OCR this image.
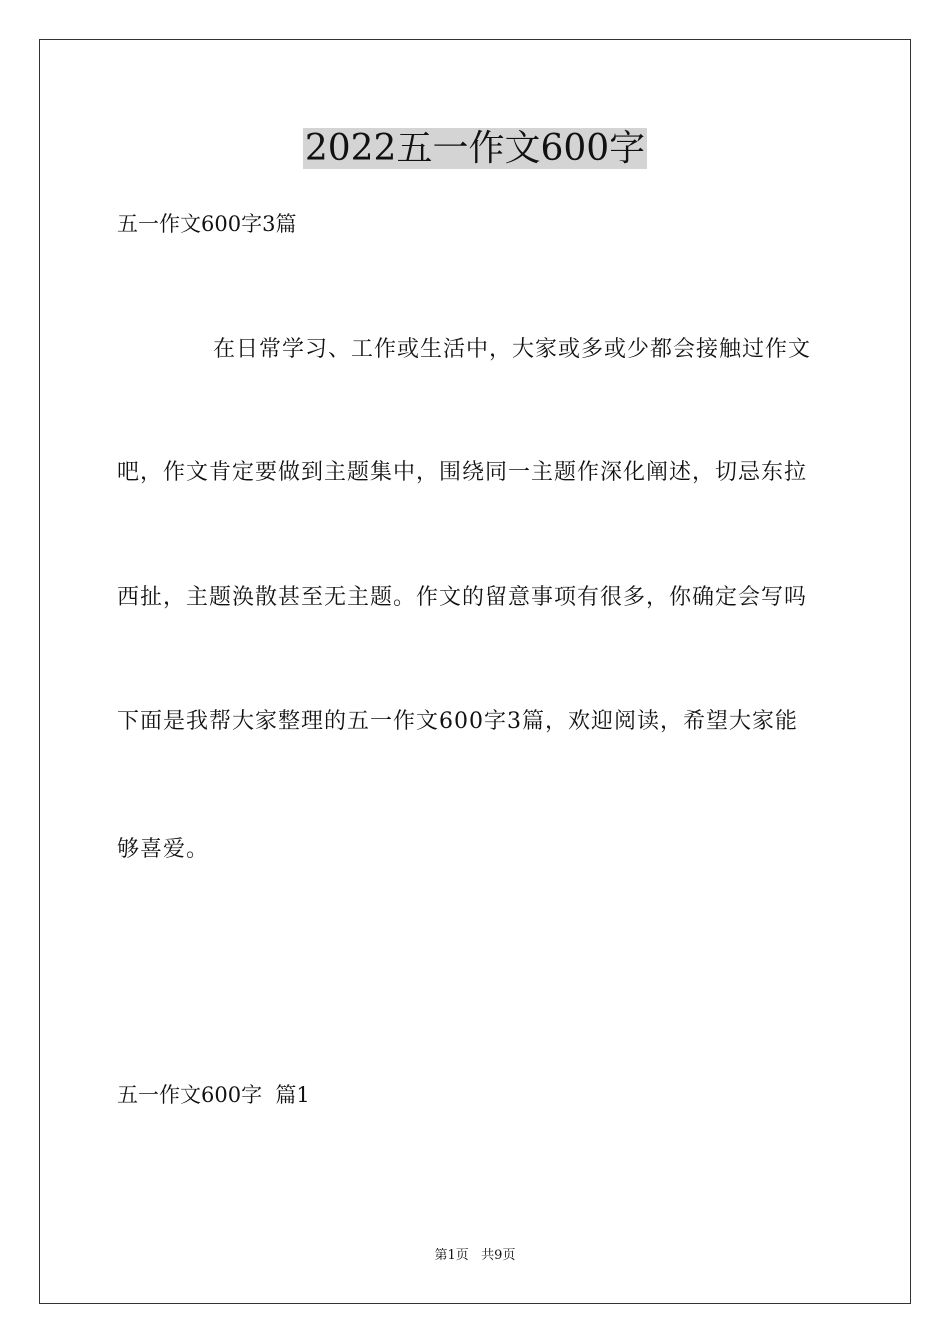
2022五一作文600字
五一作文600字3篇
在日常学习、工作或生活中，大家或多或少都会接触过作文
吧，作文肯定要做到主题集中，围绕同一主题作深化阐述，切忌东拉
西扯，主题涣散甚至无主题。作文的留意事项有很多，你确定会写吗
下面是我帮大家整理的五一作文600字3篇，欢迎阅读，希望大家能
够喜爱。
五一作文600字  篇1
第1页   共9页
